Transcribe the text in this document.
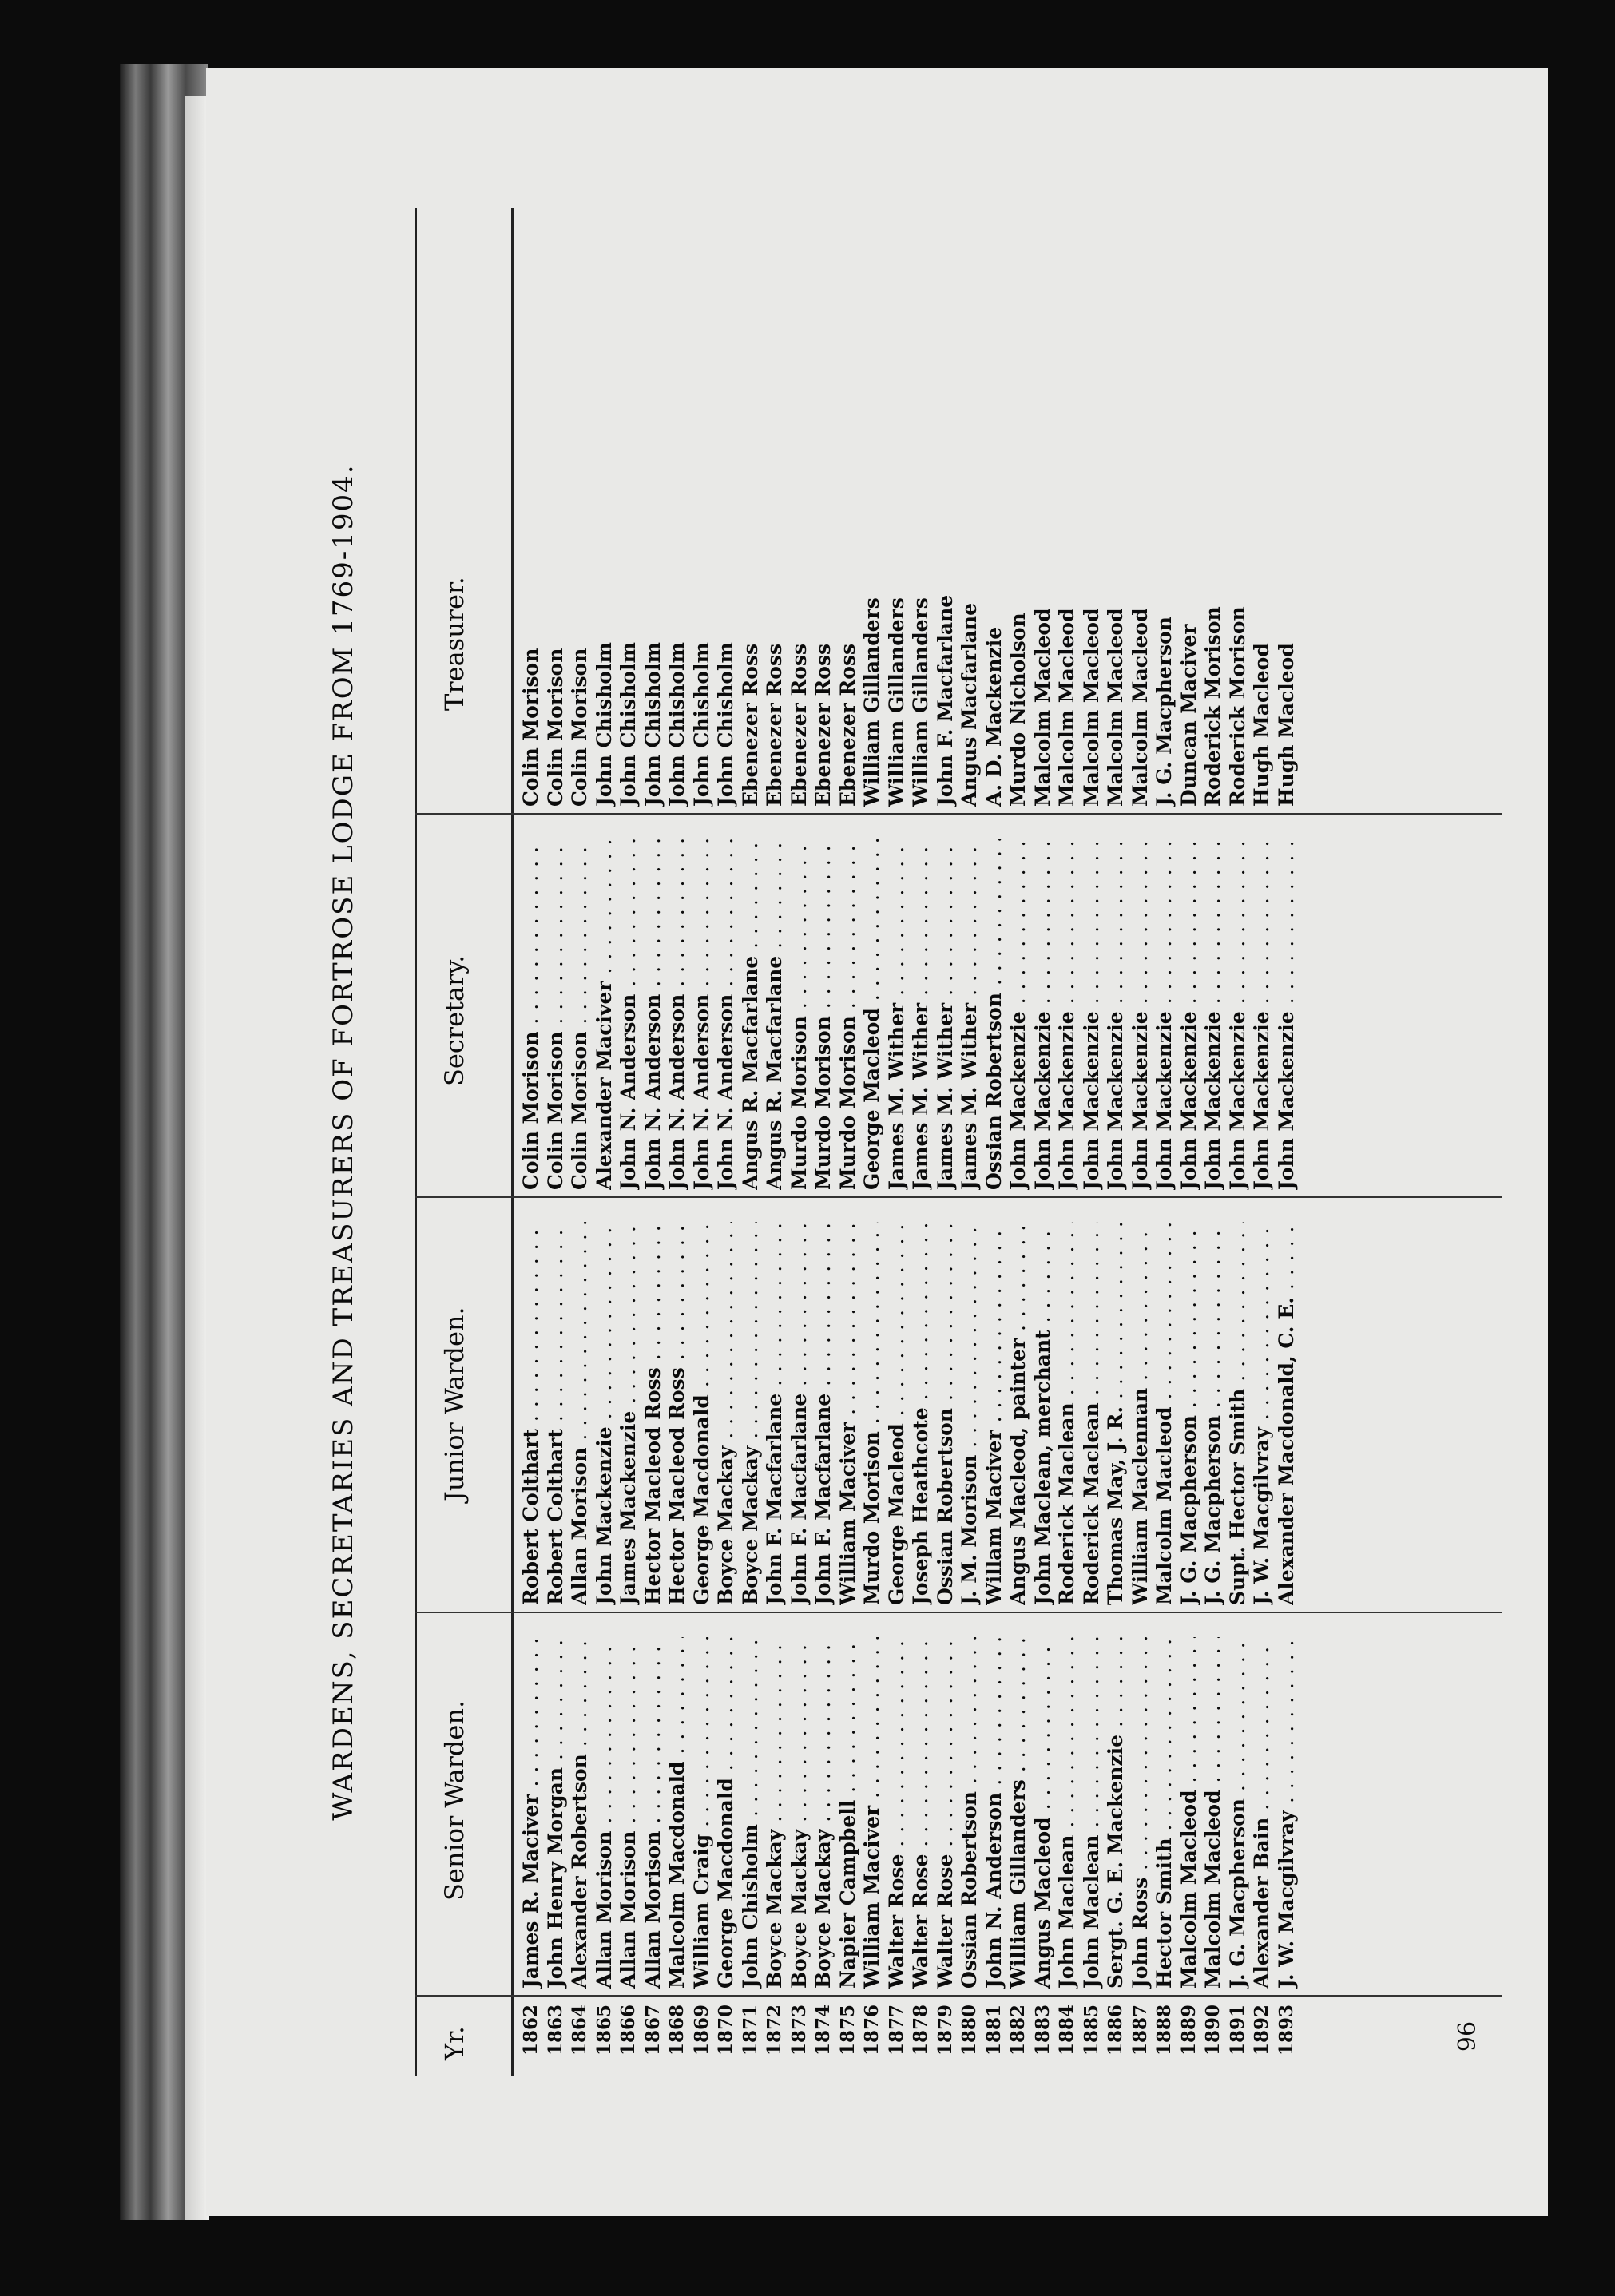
WARDENS, SECRETARIES AND TREASURERS OF FORTROSE LODGE FROM 1769-1904.
Yr.
Senior Warden.
Junior Warden.
Secretary.
Treasurer.
1862
James R. Maciver . . .
Robert Colthart . . .
Colin Morison . . .
Colin Morison
1863
John Henry Morgan . . .
Robert Colthart . . .
Colin Morison . . .
Colin Morison
1864
Alexander Robertson . . .
Allan Morison . . .
Colin Morison . . .
Colin Morison
1865
Allan Morison . . .
John Mackenzie . . .
Alexander Maciver . . .
John Chisholm
1866
Allan Morison . . .
James Mackenzie . . .
John N. Anderson . . .
John Chisholm
1867
Allan Morison . . .
Hector Macleod Ross . . .
John N. Anderson . . .
John Chisholm
1868
Malcolm Macdonald . . .
Hector Macleod Ross . . .
John N. Anderson . . .
John Chisholm
1869
William Craig . . .
George Macdonald . . .
John N. Anderson . . .
John Chisholm
1870
George Macdonald . . .
Boyce Mackay . . .
John N. Anderson . . .
John Chisholm
1871
John Chisholm . . .
Boyce Mackay . . .
Angus R. Macfarlane . . .
Ebenezer Ross
1872
Boyce Mackay . . .
John F. Macfarlane . . .
Angus R. Macfarlane . . .
Ebenezer Ross
1873
Boyce Mackay . . .
John F. Macfarlane . . .
Murdo Morison . . .
Ebenezer Ross
1874
Boyce Mackay . . .
John F. Macfarlane . . .
Murdo Morison . . .
Ebenezer Ross
1875
Napier Campbell . . .
William Maciver . . .
Murdo Morison . . .
Ebenezer Ross
1876
William Maciver . . .
Murdo Morison . . .
George Macleod . . .
William Gillanders
1877
Walter Rose . . .
George Macleod . . .
James M. Wither . . .
William Gillanders
1878
Walter Rose . . .
Joseph Heathcote . . .
James M. Wither . . .
William Gillanders
1879
Walter Rose . . .
Ossian Robertson . . .
James M. Wither . . .
John F. Macfarlane
1880
Ossian Robertson . . .
J. M. Morison . . .
James M. Wither . . .
Angus Macfarlane
1881
John N. Anderson . . .
Willam Maciver . . .
Ossian Robertson . . .
A. D. Mackenzie
1882
William Gillanders . . .
Angus Macleod, painter . . .
John Mackenzie . . .
Murdo Nicholson
1883
Angus Macleod . . .
John Maclean, merchant . . .
John Mackenzie . . .
Malcolm Macleod
1884
John Maclean . . .
Roderick Maclean . . .
John Mackenzie . . .
Malcolm Macleod
1885
John Maclean . . .
Roderick Maclean . . .
John Mackenzie . . .
Malcolm Macleod
1886
Sergt. G. E. Mackenzie . . .
Thomas May, J. R. . . .
John Mackenzie . . .
Malcolm Macleod
1887
John Ross . . .
William Maclennan . . .
John Mackenzie . . .
Malcolm Macleod
1888
Hector Smith . . .
Malcolm Macleod . . .
John Mackenzie . . .
J. G. Macpherson
1889
Malcolm Macleod . . .
J. G. Macpherson . . .
John Mackenzie . . .
Duncan Maciver
1890
Malcolm Macleod . . .
J. G. Macpherson . . .
John Mackenzie . . .
Roderick Morison
1891
J. G. Macpherson . . .
Supt. Hector Smith . . .
John Mackenzie . . .
Roderick Morison
1892
Alexander Bain . . .
J. W. Macgilvray . . .
John Mackenzie . . .
Hugh Macleod
1893
J. W. Macgilvray . . .
Alexander Macdonald, C. E. . . .
John Mackenzie . . .
Hugh Macleod
96
